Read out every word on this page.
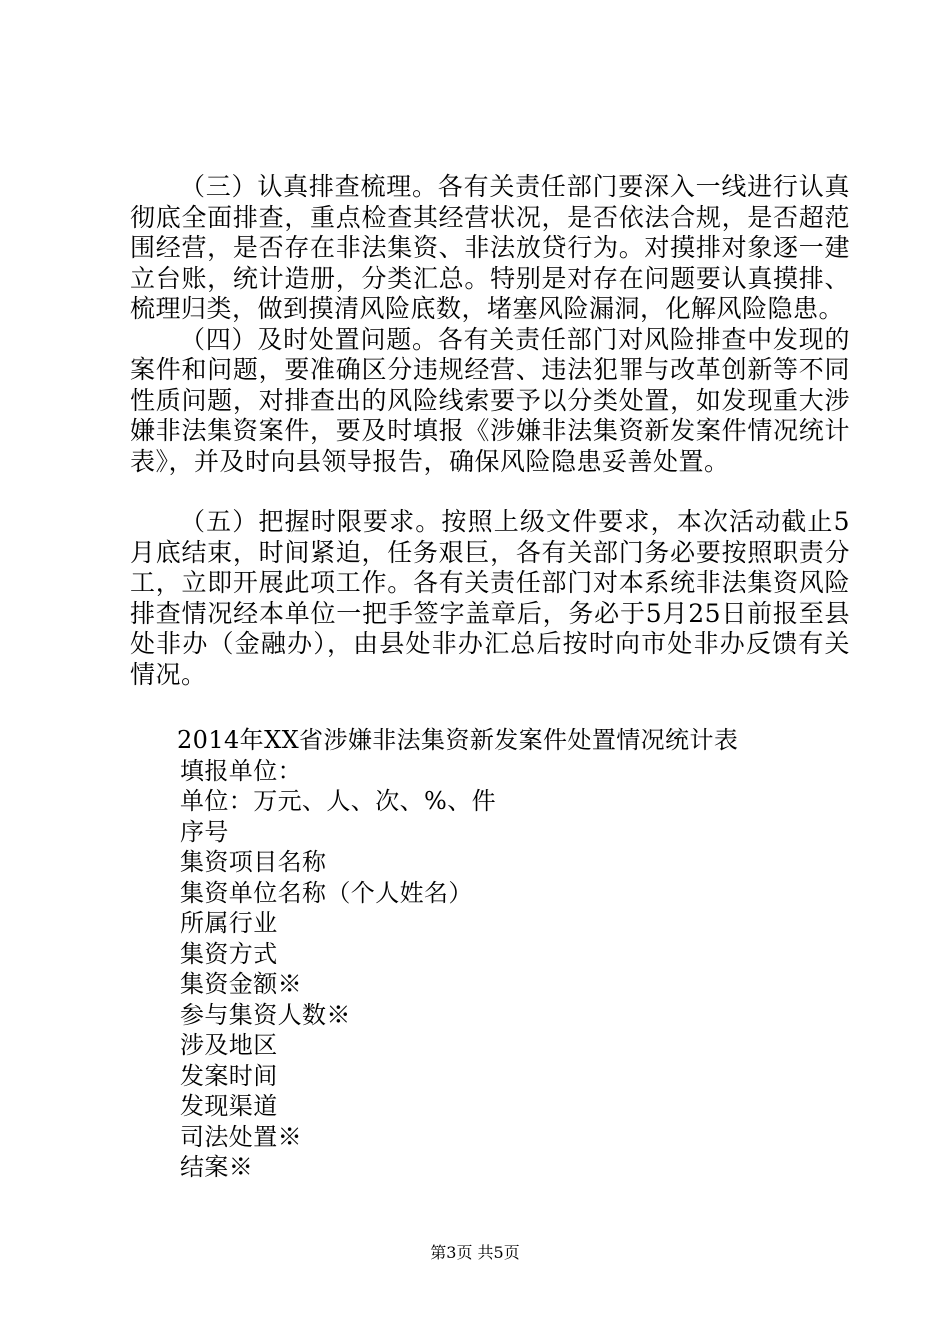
（三）认真排查梳理。各有关责任部门要深入一线进行认真彻底全面排查，重点检查其经营状况，是否依法合规，是否超范围经营，是否存在非法集资、非法放贷行为。对摸排对象逐一建立台账，统计造册，分类汇总。特别是对存在问题要认真摸排、梳理归类，做到摸清风险底数，堵塞风险漏洞，化解风险隐患。

（四）及时处置问题。各有关责任部门对风险排查中发现的案件和问题，要准确区分违规经营、违法犯罪与改革创新等不同性质问题，对排查出的风险线索要予以分类处置，如发现重大涉嫌非法集资案件，要及时填报《涉嫌非法集资新发案件情况统计表》，并及时向县领导报告，确保风险隐患妥善处置。

（五）把握时限要求。按照上级文件要求，本次活动截止5月底结束，时间紧迫，任务艰巨，各有关部门务必要按照职责分工，立即开展此项工作。各有关责任部门对本系统非法集资风险排查情况经本单位一把手签字盖章后，务必于5月25日前报至县处非办（金融办），由县处非办汇总后按时向市处非办反馈有关情况。

2014年XX省涉嫌非法集资新发案件处置情况统计表

填报单位：

单位：万元、人、次、%、件

序号

集资项目名称

集资单位名称（个人姓名）

所属行业

集资方式

集资金额※

参与集资人数※

涉及地区

发案时间

发现渠道

司法处置※

结案※

第3页 共5页
